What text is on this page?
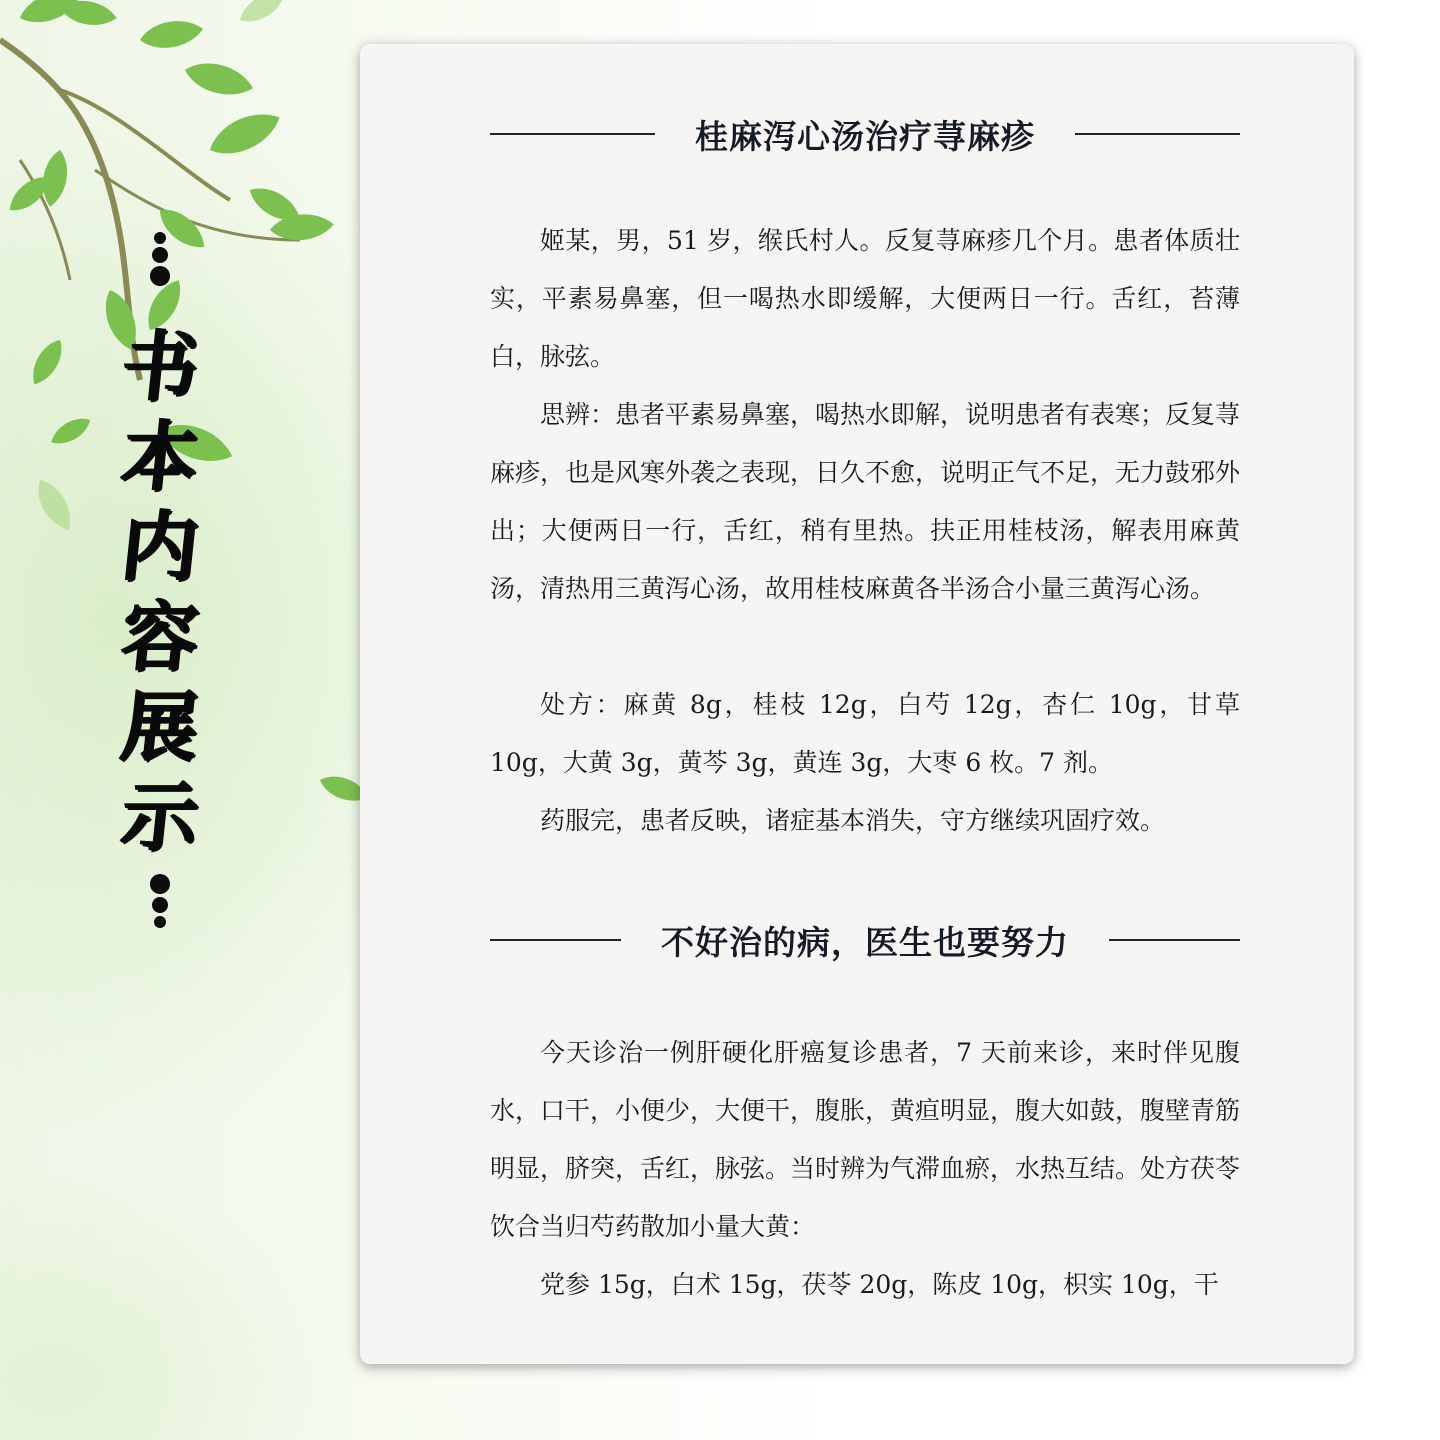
书
本
内
容
展
示
桂麻泻心汤治疗荨麻疹

姬某，男，51 岁，缑氏村人。反复荨麻疹几个月。患者体质壮实，平素易鼻塞，但一喝热水即缓解，大便两日一行。舌红，苔薄白，脉弦。

思辨：患者平素易鼻塞，喝热水即解，说明患者有表寒；反复荨麻疹，也是风寒外袭之表现，日久不愈，说明正气不足，无力鼓邪外出；大便两日一行，舌红，稍有里热。扶正用桂枝汤，解表用麻黄汤，清热用三黄泻心汤，故用桂枝麻黄各半汤合小量三黄泻心汤。

处方：麻黄 8g，桂枝 12g，白芍 12g，杏仁 10g，甘草 10g，大黄 3g，黄芩 3g，黄连 3g，大枣 6 枚。7 剂。

药服完，患者反映，诸症基本消失，守方继续巩固疗效。

不好治的病，医生也要努力

今天诊治一例肝硬化肝癌复诊患者，7 天前来诊，来时伴见腹水，口干，小便少，大便干，腹胀，黄疸明显，腹大如鼓，腹壁青筋明显，脐突，舌红，脉弦。当时辨为气滞血瘀，水热互结。处方茯苓饮合当归芍药散加小量大黄：

党参 15g，白术 15g，茯苓 20g，陈皮 10g，枳实 10g，干
